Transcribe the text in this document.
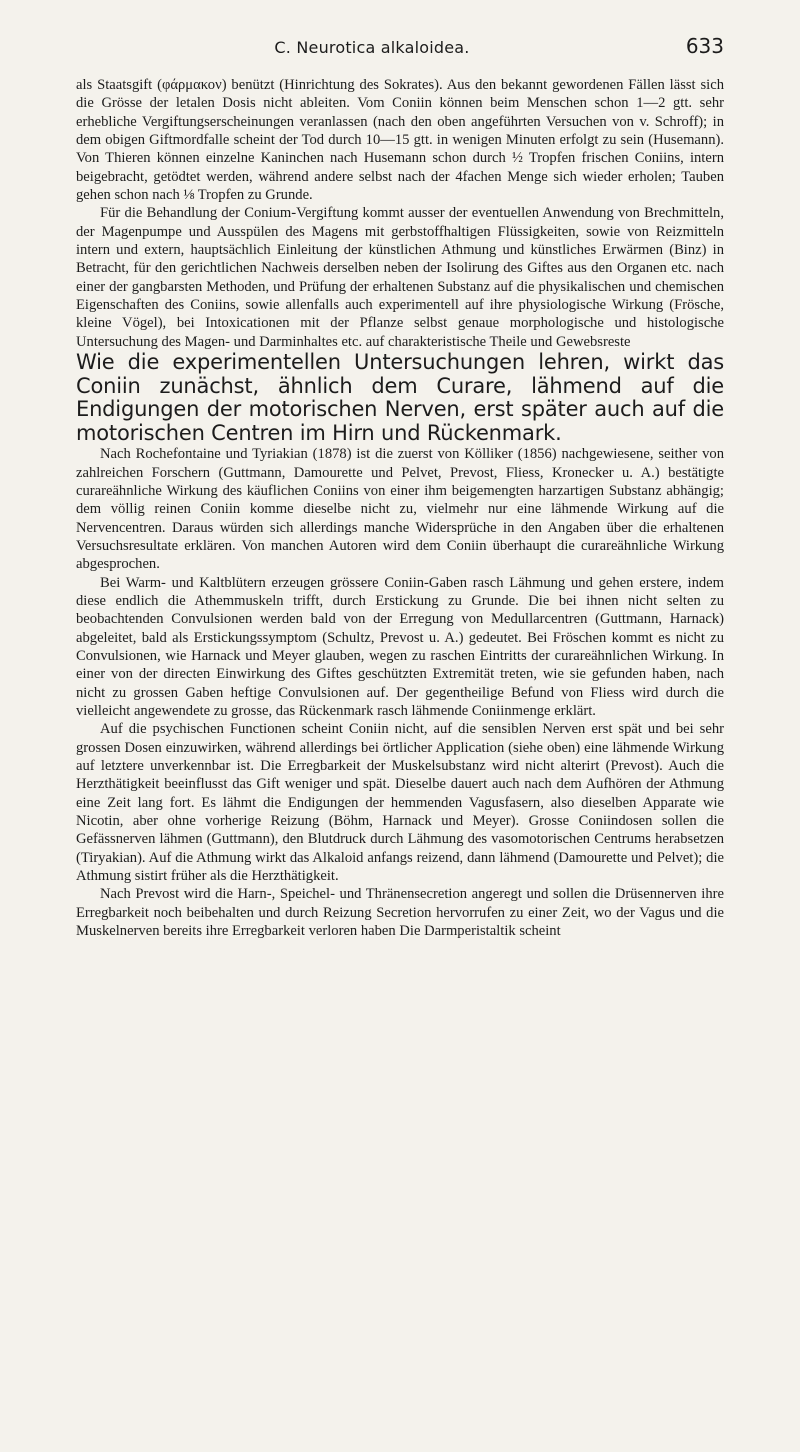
C. Neurotica alkaloidea.	633

als Staatsgift (φάρμακον) benützt (Hinrichtung des Sokrates). Aus den bekannt gewordenen Fällen lässt sich die Grösse der letalen Dosis nicht ableiten. Vom Coniin können beim Menschen schon 1—2 gtt. sehr erhebliche Vergiftungserscheinungen veranlassen (nach den oben angeführten Versuchen von v. Schroff); in dem obigen Giftmordfalle scheint der Tod durch 10—15 gtt. in wenigen Minuten erfolgt zu sein (Husemann). Von Thieren können einzelne Kaninchen nach Husemann schon durch ½ Tropfen frischen Coniins, intern beigebracht, getödtet werden, während andere selbst nach der 4fachen Menge sich wieder erholen; Tauben gehen schon nach ⅛ Tropfen zu Grunde.

Für die Behandlung der Conium-Vergiftung kommt ausser der eventuellen Anwendung von Brechmitteln, der Magenpumpe und Ausspülen des Magens mit gerbstoffhaltigen Flüssigkeiten, sowie von Reizmitteln intern und extern, hauptsächlich Einleitung der künstlichen Athmung und künstliches Erwärmen (Binz) in Betracht, für den gerichtlichen Nachweis derselben neben der Isolirung des Giftes aus den Organen etc. nach einer der gangbarsten Methoden, und Prüfung der erhaltenen Substanz auf die physikalischen und chemischen Eigenschaften des Coniins, sowie allenfalls auch experimentell auf ihre physiologische Wirkung (Frösche, kleine Vögel), bei Intoxicationen mit der Pflanze selbst genaue morphologische und histologische Untersuchung des Magen- und Darminhaltes etc. auf charakteristische Theile und Gewebsreste

Wie die experimentellen Untersuchungen lehren, wirkt das Coniin zunächst, ähnlich dem Curare, lähmend auf die Endigungen der motorischen Nerven, erst später auch auf die motorischen Centren im Hirn und Rückenmark.

Nach Rochefontaine und Tyriakian (1878) ist die zuerst von Kölliker (1856) nachgewiesene, seither von zahlreichen Forschern (Guttmann, Damourette und Pelvet, Prevost, Fliess, Kronecker u. A.) bestätigte curareähnliche Wirkung des käuflichen Coniins von einer ihm beigemengten harzartigen Substanz abhängig; dem völlig reinen Coniin komme dieselbe nicht zu, vielmehr nur eine lähmende Wirkung auf die Nervencentren. Daraus würden sich allerdings manche Widersprüche in den Angaben über die erhaltenen Versuchsresultate erklären. Von manchen Autoren wird dem Coniin überhaupt die curareähnliche Wirkung abgesprochen.

Bei Warm- und Kaltblütern erzeugen grössere Coniin-Gaben rasch Lähmung und gehen erstere, indem diese endlich die Athemmuskeln trifft, durch Erstickung zu Grunde. Die bei ihnen nicht selten zu beobachtenden Convulsionen werden bald von der Erregung von Medullarcentren (Guttmann, Harnack) abgeleitet, bald als Erstickungssymptom (Schultz, Prevost u. A.) gedeutet. Bei Fröschen kommt es nicht zu Convulsionen, wie Harnack und Meyer glauben, wegen zu raschen Eintritts der curareähnlichen Wirkung. In einer von der directen Einwirkung des Giftes geschützten Extremität treten, wie sie gefunden haben, nach nicht zu grossen Gaben heftige Convulsionen auf. Der gegentheilige Befund von Fliess wird durch die vielleicht angewendete zu grosse, das Rückenmark rasch lähmende Coniinmenge erklärt.

Auf die psychischen Functionen scheint Coniin nicht, auf die sensiblen Nerven erst spät und bei sehr grossen Dosen einzuwirken, während allerdings bei örtlicher Application (siehe oben) eine lähmende Wirkung auf letztere unverkennbar ist. Die Erregbarkeit der Muskelsubstanz wird nicht alterirt (Prevost). Auch die Herzthätigkeit beeinflusst das Gift weniger und spät. Dieselbe dauert auch nach dem Aufhören der Athmung eine Zeit lang fort. Es lähmt die Endigungen der hemmenden Vagusfasern, also dieselben Apparate wie Nicotin, aber ohne vorherige Reizung (Böhm, Harnack und Meyer). Grosse Coniindosen sollen die Gefässnerven lähmen (Guttmann), den Blutdruck durch Lähmung des vasomotorischen Centrums herabsetzen (Tiryakian). Auf die Athmung wirkt das Alkaloid anfangs reizend, dann lähmend (Damourette und Pelvet); die Athmung sistirt früher als die Herzthätigkeit.

Nach Prevost wird die Harn-, Speichel- und Thränensecretion angeregt und sollen die Drüsennerven ihre Erregbarkeit noch beibehalten und durch Reizung Secretion hervorrufen zu einer Zeit, wo der Vagus und die Muskelnerven bereits ihre Erregbarkeit verloren haben Die Darmperistaltik scheint
